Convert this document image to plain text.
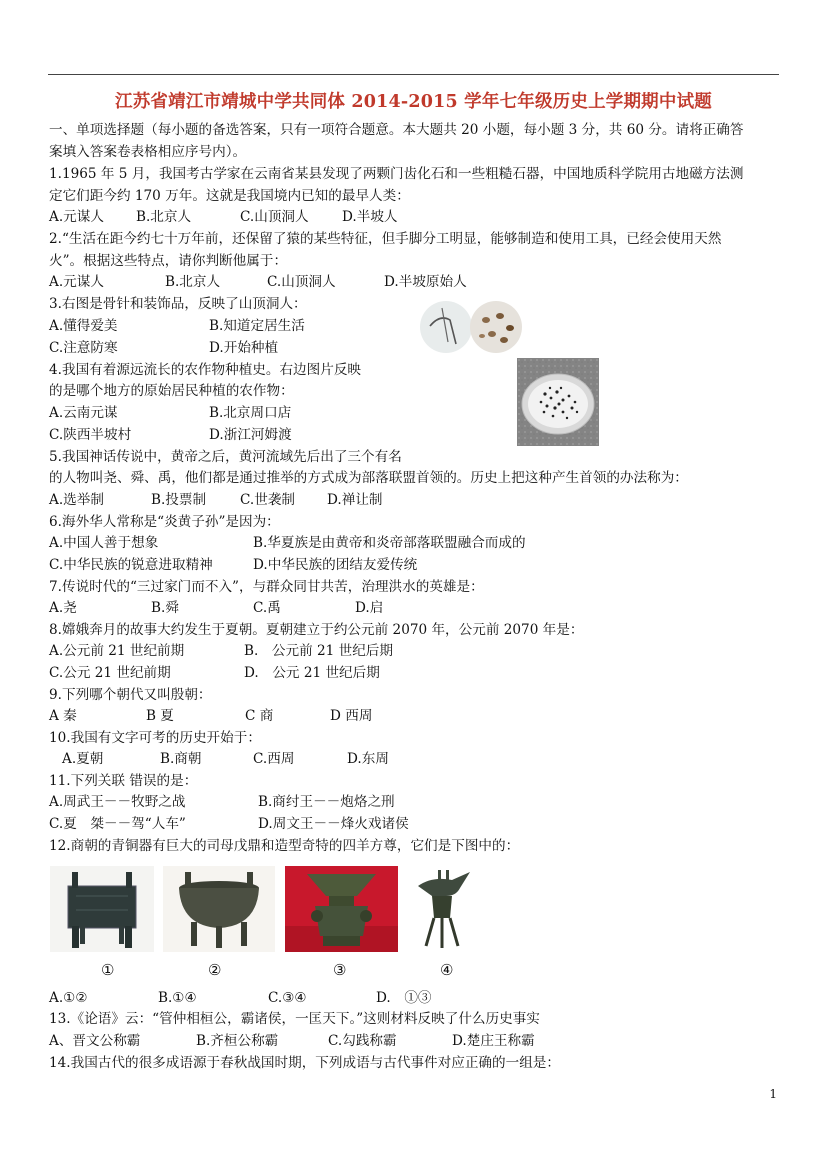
江苏省靖江市靖城中学共同体 2014-2015 学年七年级历史上学期期中试题
一、单项选择题（每小题的备选答案，只有一项符合题意。本大题共 20 小题，每小题 3 分，共 60 分。请将正确答
案填入答案卷表格相应序号内）。
1.1965 年 5 月，我国考古学家在云南省某县发现了两颗门齿化石和一些粗糙石器，中国地质科学院用古地磁方法测
定它们距今约 170 万年。这就是我国境内已知的最早人类：
A.元谋人 B.北京人	C.山顶洞人 D.半坡人
2.“生活在距今约七十万年前，还保留了猿的某些特征，但手脚分工明显，能够制造和使用工具，已经会使用天然
火”。根据这些特点，请你判断他属于：
A.元谋人	B.北京人	C.山顶洞人	D.半坡原始人
3.右图是骨针和装饰品，反映了山顶洞人：
A.懂得爱美	B.知道定居生活
C.注意防寒	D.开始种植
4.我国有着源远流长的农作物种植史。右边图片反映
的是哪个地方的原始居民种植的农作物：
A.云南元谋	B.北京周口店
C.陕西半坡村	D.浙江河姆渡
5.我国神话传说中，黄帝之后，黄河流域先后出了三个有名
的人物叫尧、舜、禹，他们都是通过推举的方式成为部落联盟首领的。历史上把这种产生首领的办法称为：
A.选举制	B.投票制 C.世袭制 D.禅让制
6.海外华人常称是“炎黄子孙”是因为：
A.中国人善于想象	B.华夏族是由黄帝和炎帝部落联盟融合而成的
C.中华民族的锐意进取精神	D.中华民族的团结友爱传统
7.传说时代的“三过家门而不入”，与群众同甘共苦，治理洪水的英雄是：
A.尧	B.舜	C.禹	D.启
8.嫦娥奔月的故事大约发生于夏朝。夏朝建立于约公元前 2070 年，公元前 2070 年是：
A.公元前 21 世纪前期	B.　公元前 21 世纪后期
C.公元 21 世纪前期	D.　公元 21 世纪后期
9.下列哪个朝代又叫殷朝：
A 秦	B 夏	C 商	D 西周
10.我国有文字可考的历史开始于：
A.夏朝	B.商朝	C.西周	D.东周
11.下列关联 错误的是：
A.周武王－－牧野之战	B.商纣王－－炮烙之刑
C.夏　桀－－驾“人车”	D.周文王－－烽火戏诸侯
12.商朝的青铜器有巨大的司母戊鼎和造型奇特的四羊方尊，它们是下图中的：
①	②	③	④
A.①②	B.①④	C.③④	D.　①③
13.《论语》云：“管仲相桓公，霸诸侯，一匡天下。”这则材料反映了什么历史事实
A、晋文公称霸	B.齐桓公称霸	C.勾践称霸	D.楚庄王称霸
14.我国古代的很多成语源于春秋战国时期，下列成语与古代事件对应正确的一组是：
1
